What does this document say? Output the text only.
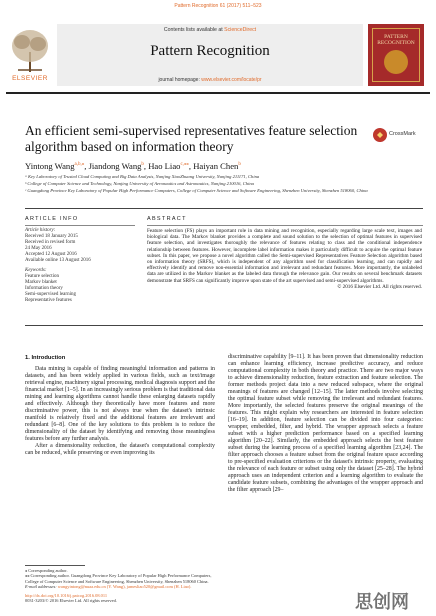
Pattern Recognition 61 (2017) 511–523
ELSEVIER
Contents lists available at ScienceDirect
Pattern Recognition
journal homepage: www.elsevier.com/locate/pr
PATTERN RECOGNITION
An efficient semi-supervised representatives feature selection algorithm based on information theory
CrossMark
Yintong Wang$^{a,b,⁎}$, Jiandong Wang$^b$, Hao Liao$^{c,⁎⁎}$, Haiyan Chen$^b$
ᵃ Key Laboratory of Trusted Cloud Computing and Big Data Analysis, Nanjing XiaoZhuang University, Nanjing 211171, China
ᵇ College of Computer Science and Technology, Nanjing University of Aeronautics and Astronautics, Nanjing 210016, China
ᶜ Guangdong Province Key Laboratory of Popular High Performance Computers, College of Computer Science and Software Engineering, Shenzhen University, Shenzhen 518060, China
ARTICLE INFO
Article history:
Received 18 January 2015
Received in revised form
24 May 2016
Accepted 12 August 2016
Available online 13 August 2016
Keywords:
Feature selection
Markov blanket
Information theory
Semi-supervised learning
Representative features
ABSTRACT
Feature selection (FS) plays an important role in data mining and recognition, especially regarding large scale text, images and biological data. The Markov blanket provides a complete and sound solution to the selection of optimal features in supervised feature selection, and investigates thoroughly the relevance of features relating to class and the conditional independence relationship between features. However, incomplete label information makes it particularly difficult to acquire the optimal feature subset. In this paper, we propose a novel algorithm called the Semi-supervised Representatives Feature Selection algorithm based on information theory (SRFS), which is independent of any algorithm used for classification learning, and can rapidly and effectively identify and remove non-essential information and irrelevant and redundant features. More importantly, the unlabeled data are utilized in the Markov blanket as the labeled data through the relevance gain. Our results on several benchmark datasets demonstrate that SRFS can significantly improve upon state of the art supervised and semi-supervised algorithms.
© 2016 Elsevier Ltd. All rights reserved.
1. Introduction

Data mining is capable of finding meaningful information and patterns in datasets, and has been widely applied in various fields, such as text/image retrieval engine, machinery signal processing, medical diagnosis support and the financial market [1–5]. In an increasingly serious problem is that traditional data mining and learning algorithms cannot handle these enlarging datasets rapidly and effectively. Although they theoretically have more features and more discriminative power, this is not always true when the dataset's intrinsic manifold is relatively fixed and the additional features are irrelevant and redundant [6–8]. One of the key solutions to this problem is to reduce the dimensionality of the dataset by identifying and removing those meaningless features before any further analysis.

After a dimensionality reduction, the dataset's computational complexity can be reduced, while preserving or even improving its

discriminative capability [9–11]. It has been proven that dimensionality reduction can enhance learning efficiency, increase predictive accuracy, and reduce computational complexity in both theory and practice. There are two major ways to achieve dimensionality reduction, feature extraction and feature selection. The former methods project data into a new reduced subspace, where the original meanings of features are changed [12–15]. The latter methods involve selecting the optimal feature subset while removing the irrelevant and redundant features. More importantly, the selected features preserve the original meanings of the features. This might explain why researchers are interested in feature selection [16–19]. In addition, feature selection can be divided into four categories: wrapper, embedded, filter, and hybrid. The wrapper approach selects a feature subset with a higher prediction performance based on a specified learning algorithm [20–22]. Similarly, the embedded approach selects the best feature subset during the learning process of a specified learning algorithm [23,24]. The filter approach chooses a feature subset from the original feature space according to pre-specified evaluation criterions or the dataset's intrinsic property, evaluating the relevance of each feature or subset using only the dataset [25–28]. The hybrid approach uses an independent criterion and a learning algorithm to evaluate the candidate feature subsets, combining the advantages of the wrapper approach and the filter approach [29–

⁎ Corresponding author.
⁎⁎ Corresponding author. Guangdong Province Key Laboratory of Popular High Performance Computers, College of Computer Science and Software Engineering, Shenzhen University, Shenzhen 518060 China.
E-mail addresses: wangyintong@nuaa.edu.cn (Y. Wang), jamesliao520@gmail.com (H. Liao).
http://dx.doi.org/10.1016/j.patcog.2016.08.011
0031-3203/© 2016 Elsevier Ltd. All rights reserved.	思创网
